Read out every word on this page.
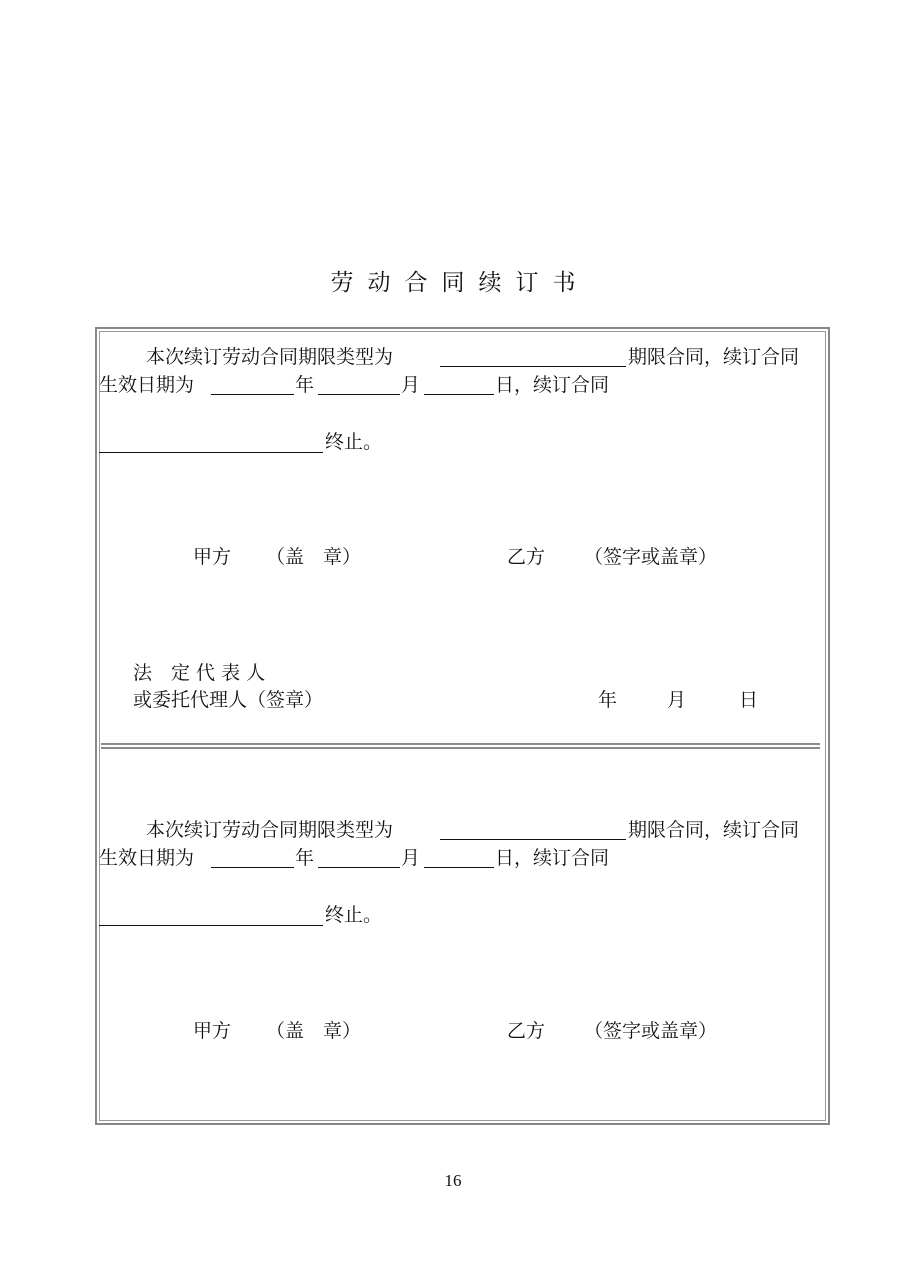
劳动合同续订书
本次续订劳动合同期限类型为	期限合同，续订合同
生效日期为	年	月	日，续订合同
终止。
甲方 （盖　章）	乙方 （签字或盖章）
法　定 代 表 人
或委托代理人（签章）	年	月	日
本次续订劳动合同期限类型为	期限合同，续订合同
生效日期为	年	月	日，续订合同
终止。
甲方 （盖　章）	乙方 （签字或盖章）
16
